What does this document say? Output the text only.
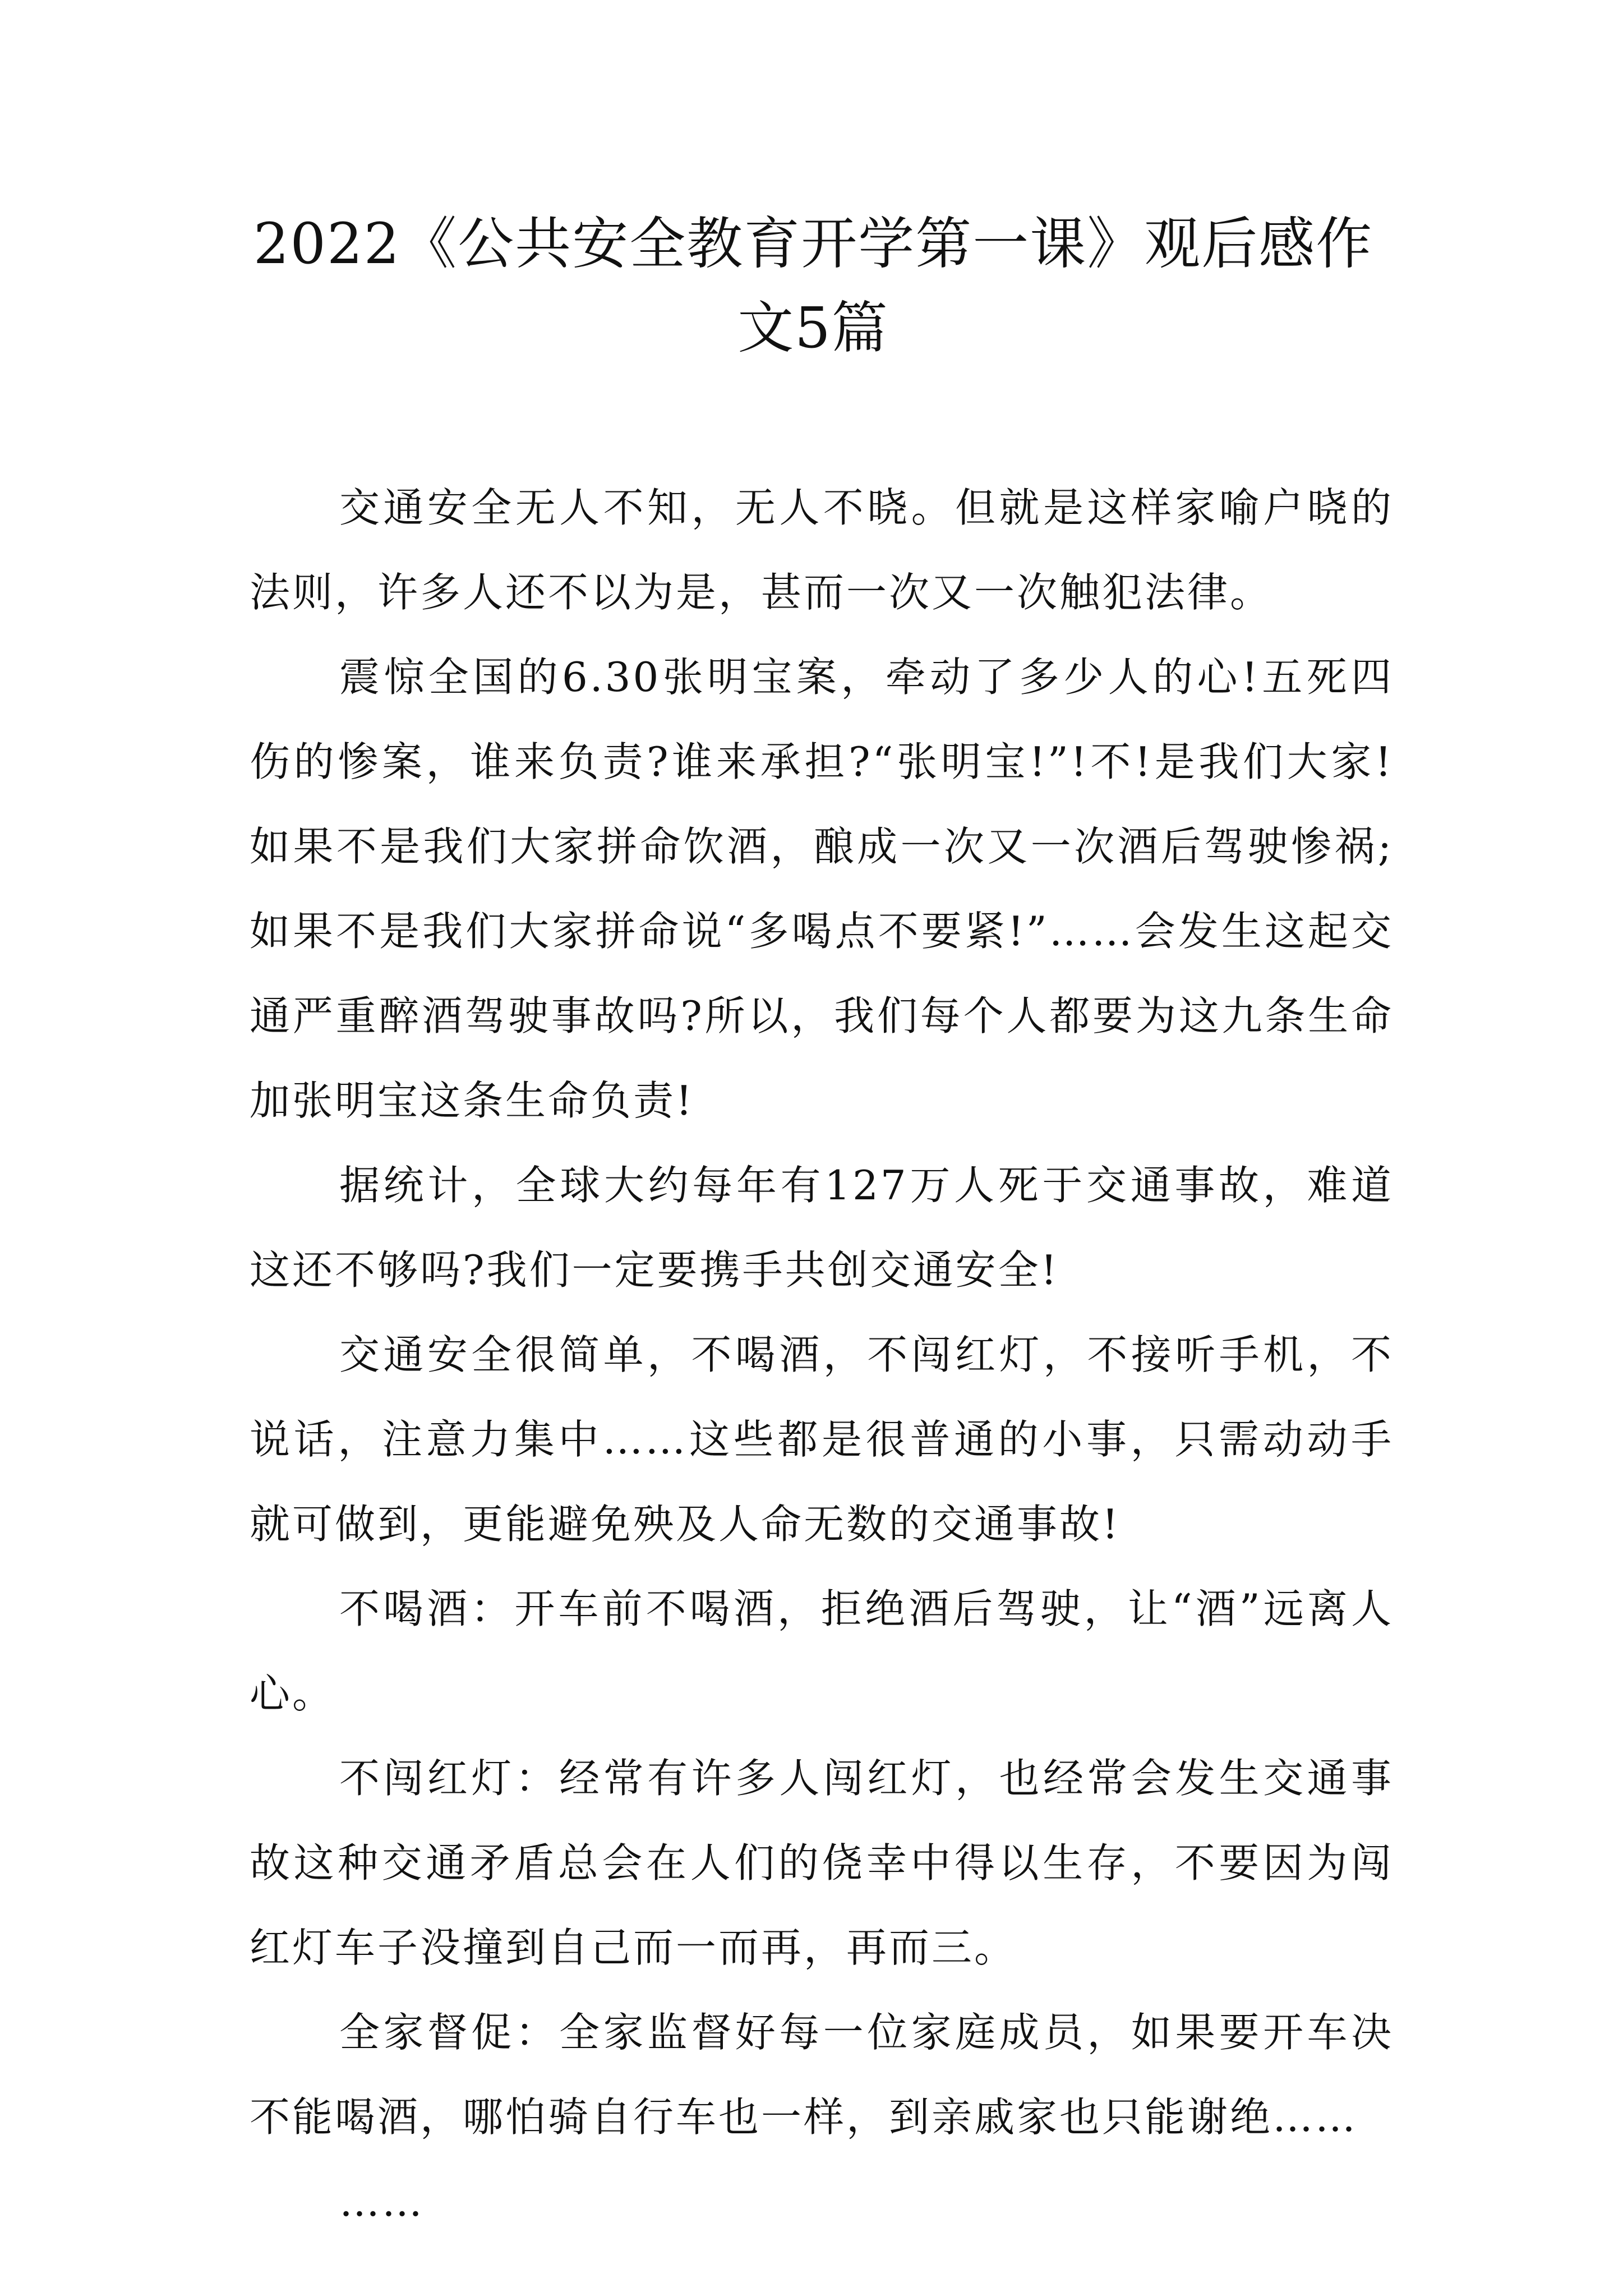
2022《公共安全教育开学第一课》观后感作
文5篇

交通安全无人不知，无人不晓。但就是这样家喻户晓的法则，许多人还不以为是，甚而一次又一次触犯法律。

震惊全国的6.30张明宝案，牵动了多少人的心!五死四伤的惨案，谁来负责?谁来承担?“张明宝!”!不!是我们大家!如果不是我们大家拼命饮酒，酿成一次又一次酒后驾驶惨祸;如果不是我们大家拼命说“多喝点不要紧!”……会发生这起交通严重醉酒驾驶事故吗?所以，我们每个人都要为这九条生命加张明宝这条生命负责!

据统计，全球大约每年有127万人死于交通事故，难道这还不够吗?我们一定要携手共创交通安全!

交通安全很简单，不喝酒，不闯红灯，不接听手机，不说话，注意力集中……这些都是很普通的小事，只需动动手就可做到，更能避免殃及人命无数的交通事故!

不喝酒：开车前不喝酒，拒绝酒后驾驶，让“酒”远离人心。

不闯红灯：经常有许多人闯红灯，也经常会发生交通事故这种交通矛盾总会在人们的侥幸中得以生存，不要因为闯红灯车子没撞到自己而一而再，再而三。

全家督促：全家监督好每一位家庭成员，如果要开车决不能喝酒，哪怕骑自行车也一样，到亲戚家也只能谢绝……

……
